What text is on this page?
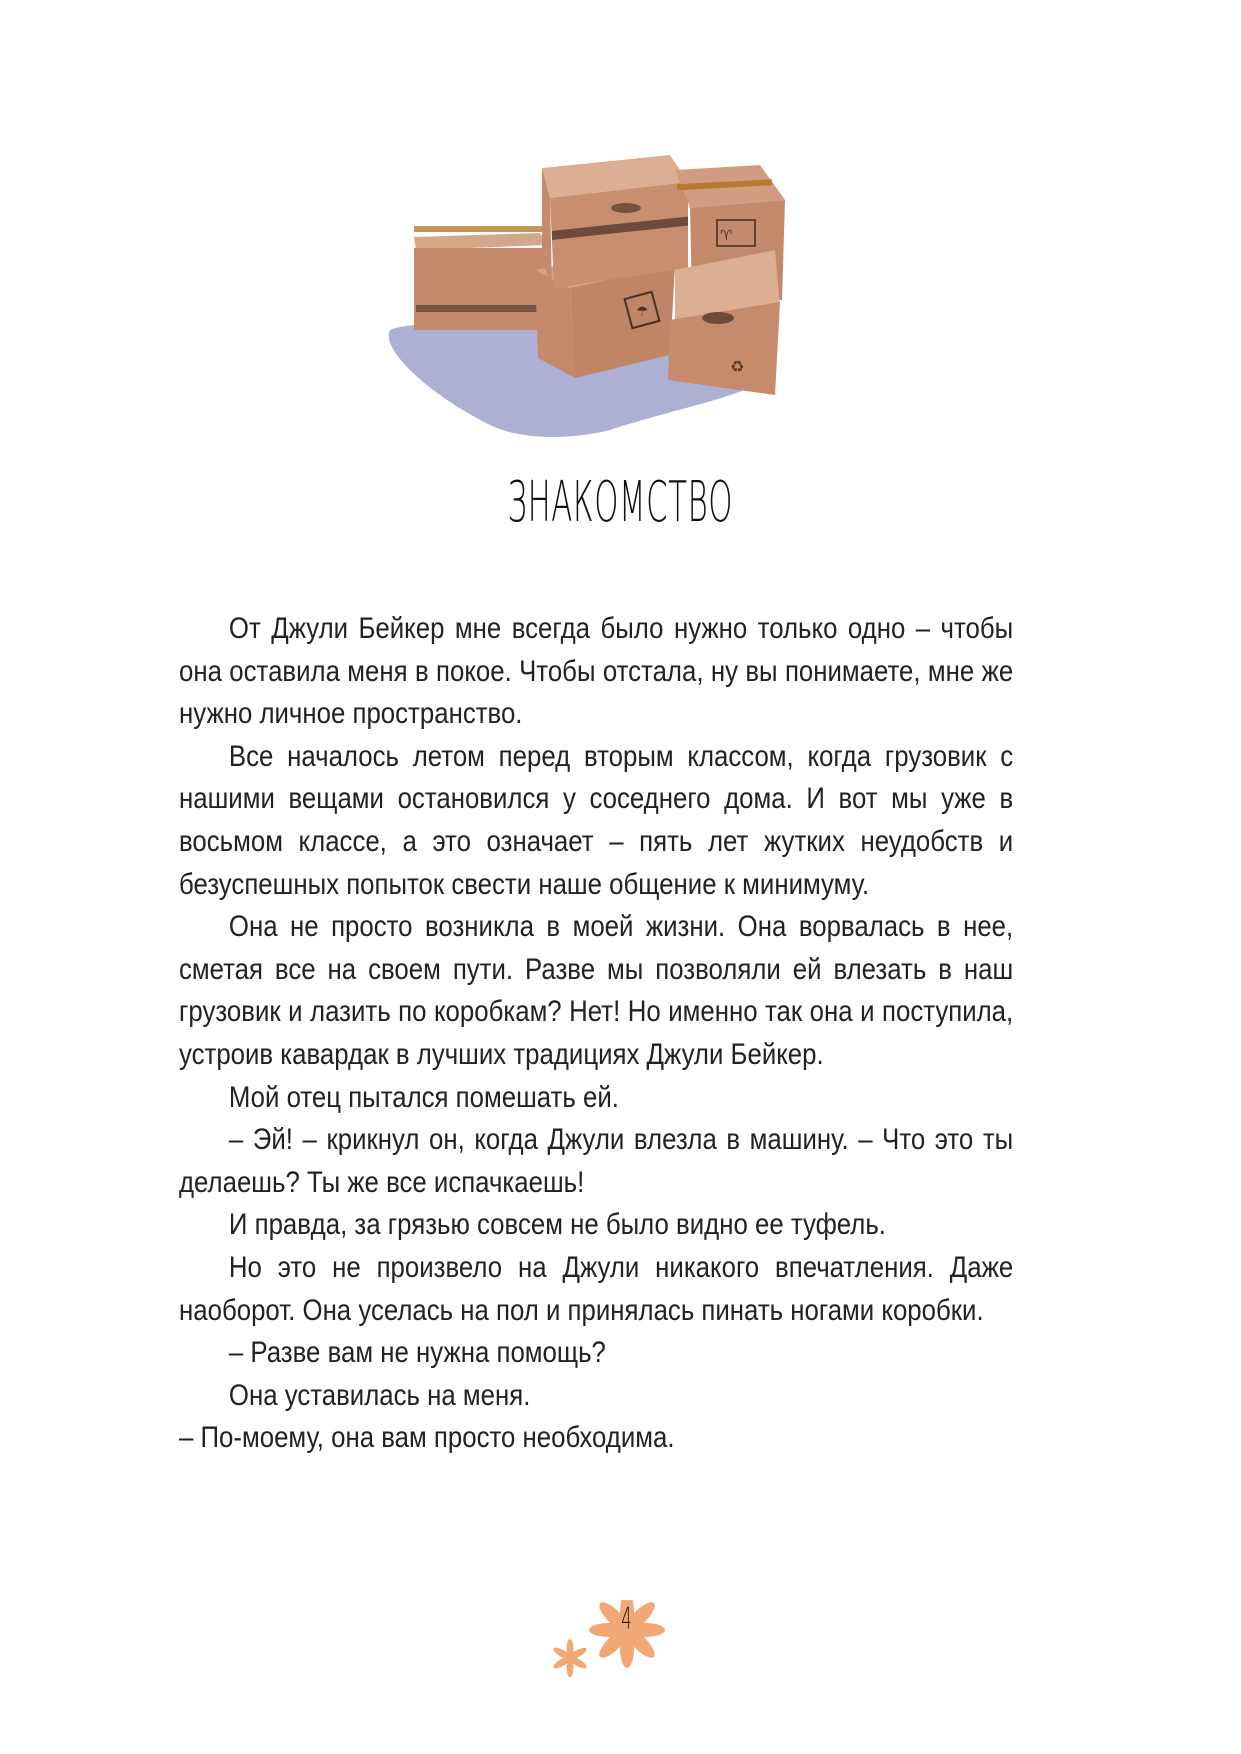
☂
♈
♻
ЗНАКОМСТВО

От Джули Бейкер мне всегда было нужно только одно – чтобы она оставила меня в покое. Чтобы отстала, ну вы понимаете, мне же нужно личное пространство.

Все началось летом перед вторым классом, когда грузовик с нашими вещами остановился у соседнего дома. И вот мы уже в восьмом классе, а это означает – пять лет жутких неудобств и безуспешных попыток свести наше общение к минимуму.

Она не просто возникла в моей жизни. Она ворвалась в нее, сметая все на своем пути. Разве мы позволяли ей влезать в наш грузовик и лазить по коробкам? Нет! Но именно так она и поступила, устроив кавардак в лучших традициях Джули Бейкер.

Мой отец пытался помешать ей.

– Эй! – крикнул он, когда Джули влезла в машину. – Что это ты делаешь? Ты же все испачкаешь!

И правда, за грязью совсем не было видно ее туфель.

Но это не произвело на Джули никакого впечатления. Даже наоборот. Она уселась на пол и принялась пинать ногами коробки.

– Разве вам не нужна помощь?

Она уставилась на меня.

– По-моему, она вам просто необходима.

4
